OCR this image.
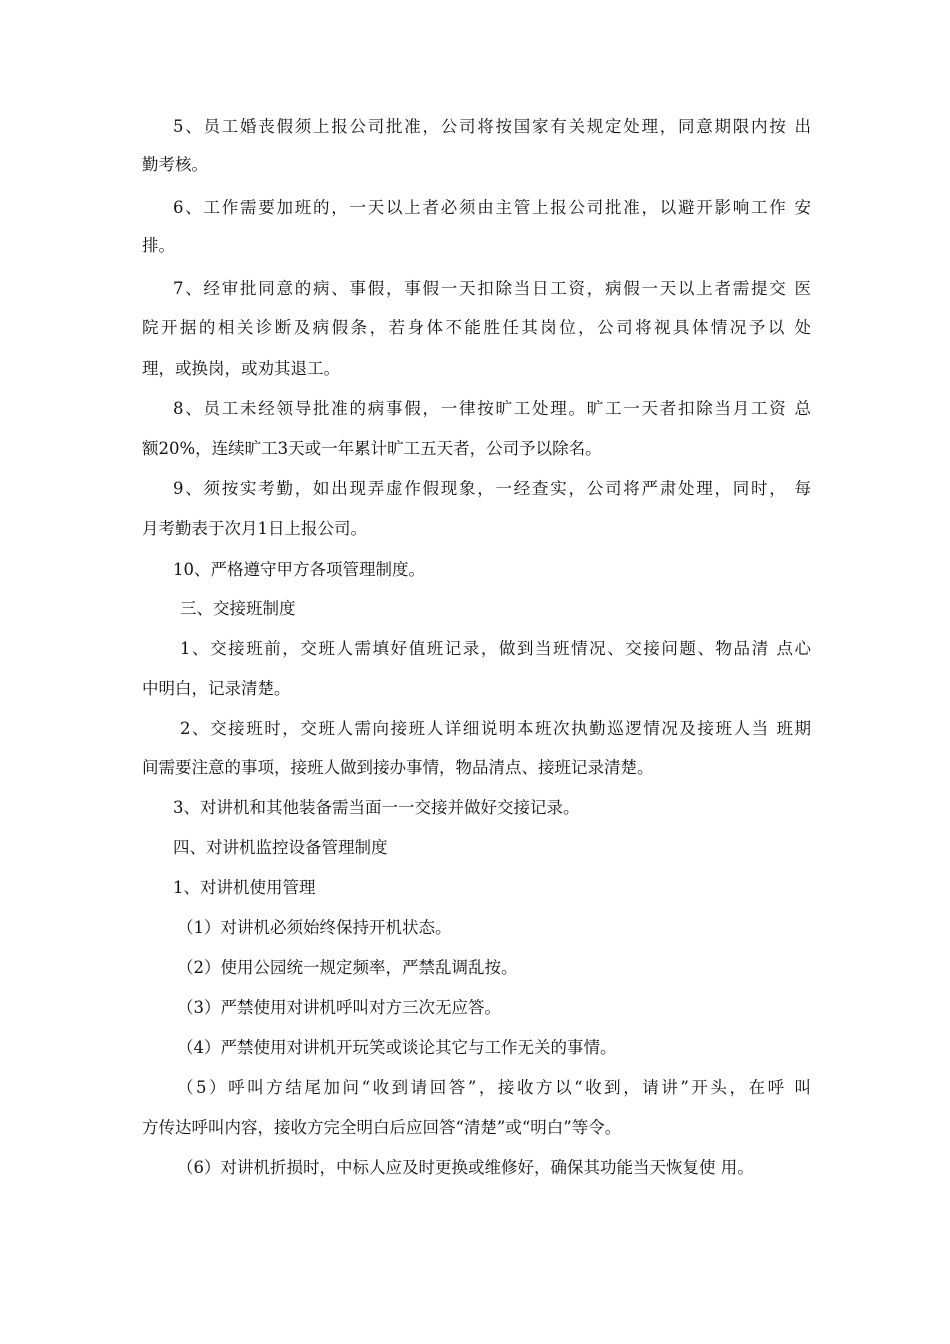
5、员工婚丧假须上报公司批准，公司将按国家有关规定处理，同意期限内按 出
勤考核。
6、工作需要加班的，一天以上者必须由主管上报公司批准，以避开影响工作 安
排。
7、经审批同意的病、事假，事假一天扣除当日工资，病假一天以上者需提交 医
院开据的相关诊断及病假条，若身体不能胜任其岗位，公司将视具体情况予以 处
理，或换岗，或劝其退工。
8、员工未经领导批准的病事假，一律按旷工处理。旷工一天者扣除当月工资 总
额20%，连续旷工3天或一年累计旷工五天者，公司予以除名。
9、须按实考勤，如出现弄虚作假现象，一经查实，公司将严肃处理，同时， 每
月考勤表于次月1日上报公司。
10、严格遵守甲方各项管理制度。
三、交接班制度
1、交接班前，交班人需填好值班记录，做到当班情况、交接问题、物品清 点心
中明白，记录清楚。
2、交接班时，交班人需向接班人详细说明本班次执勤巡逻情况及接班人当 班期
间需要注意的事项，接班人做到接办事情，物品清点、接班记录清楚。
3、对讲机和其他装备需当面一一交接并做好交接记录。
四、对讲机监控设备管理制度
1、对讲机使用管理
（1）对讲机必须始终保持开机状态。
（2）使用公园统一规定频率，严禁乱调乱按。
（3）严禁使用对讲机呼叫对方三次无应答。
（4）严禁使用对讲机开玩笑或谈论其它与工作无关的事情。
（5）呼叫方结尾加问“收到请回答”，接收方以“收到，请讲”开头，在呼 叫
方传达呼叫内容，接收方完全明白后应回答“清楚”或“明白”等令。
（6）对讲机折损时，中标人应及时更换或维修好，确保其功能当天恢复使 用。
